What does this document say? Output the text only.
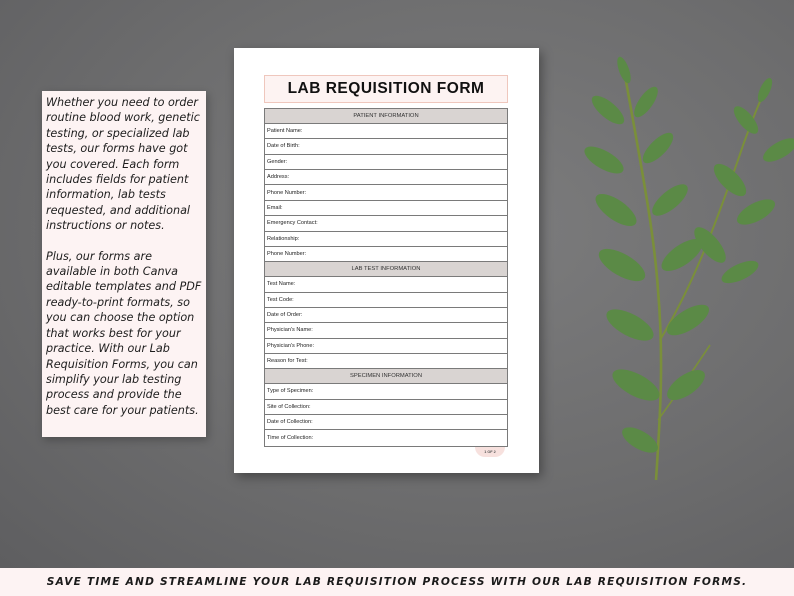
Whether you need to order routine blood work, genetic testing, or specialized lab tests, our forms have got you covered. Each form includes fields for patient information, lab tests requested, and additional instructions or notes.

Plus, our forms are available in both Canva editable templates and PDF ready-to-print formats, so you can choose the option that works best for your practice. With our Lab Requisition Forms, you can simplify your lab testing process and provide the best care for your patients.

LAB REQUISITION FORM
PATIENT INFORMATION
Patient Name:
Date of Birth:
Gender:
Address:
Phone Number:
Email:
Emergency Contact:
Relationship:
Phone Number:
LAB TEST INFORMATION
Test Name:
Test Code:
Date of Order:
Physician's Name:
Physician's Phone:
Reason for Test:
SPECIMEN INFORMATION
Type of Specimen:
Site of Collection:
Date of Collection:
Time of Collection:
1 OF 2
SAVE TIME AND STREAMLINE YOUR LAB REQUISITION PROCESS WITH OUR LAB REQUISITION FORMS.
